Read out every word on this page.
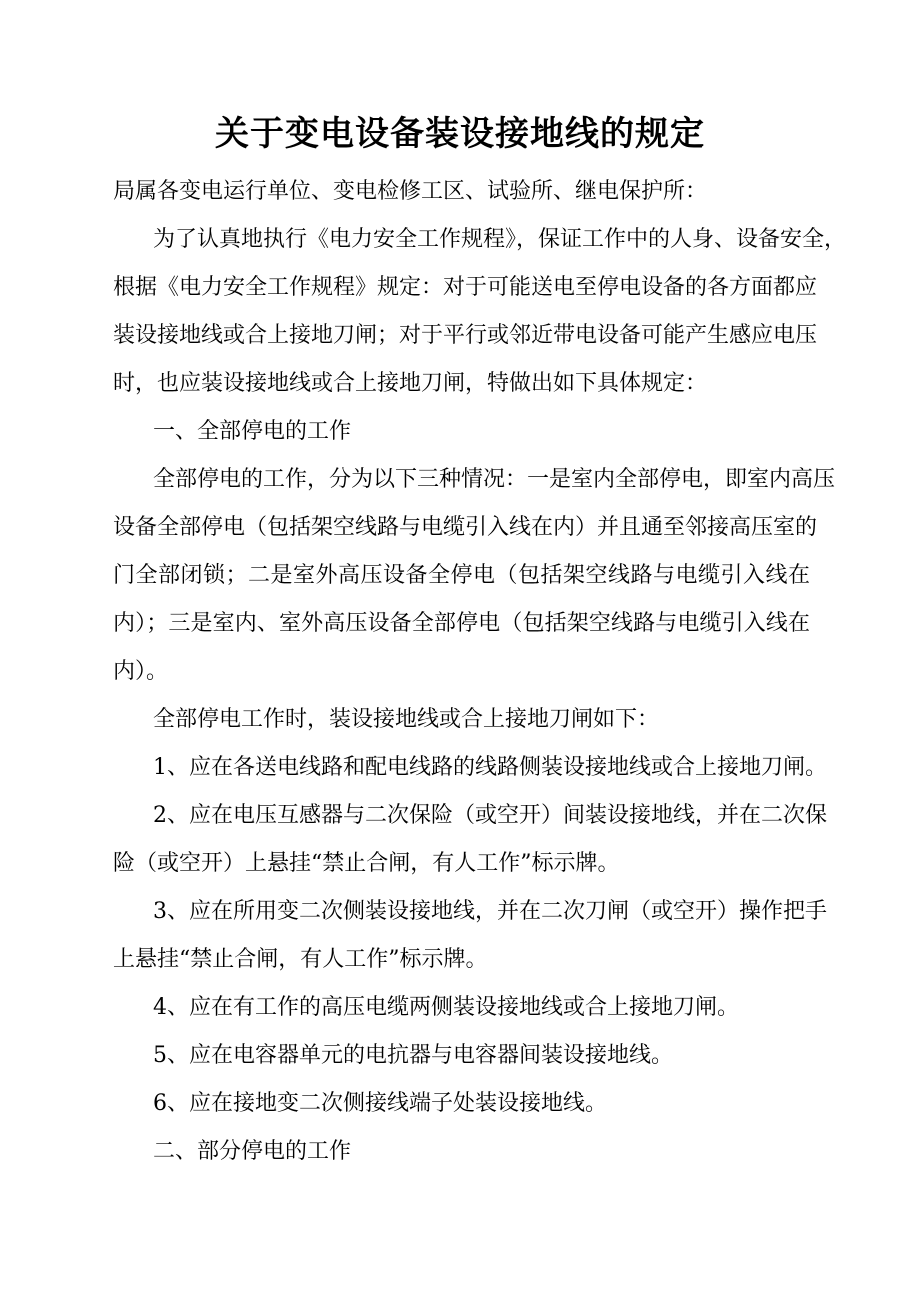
关于变电设备装设接地线的规定
局属各变电运行单位、变电检修工区、试验所、继电保护所：
为了认真地执行《电力安全工作规程》，保证工作中的人身、设备安全，
根据《电力安全工作规程》规定：对于可能送电至停电设备的各方面都应
装设接地线或合上接地刀闸；对于平行或邻近带电设备可能产生感应电压
时，也应装设接地线或合上接地刀闸，特做出如下具体规定：
一、全部停电的工作
全部停电的工作，分为以下三种情况：一是室内全部停电，即室内高压
设备全部停电（包括架空线路与电缆引入线在内）并且通至邻接高压室的
门全部闭锁；二是室外高压设备全停电（包括架空线路与电缆引入线在
内）；三是室内、室外高压设备全部停电（包括架空线路与电缆引入线在
内）。
全部停电工作时，装设接地线或合上接地刀闸如下：
1、应在各送电线路和配电线路的线路侧装设接地线或合上接地刀闸。
2、应在电压互感器与二次保险（或空开）间装设接地线，并在二次保
险（或空开）上悬挂“禁止合闸，有人工作”标示牌。
3、应在所用变二次侧装设接地线，并在二次刀闸（或空开）操作把手
上悬挂“禁止合闸，有人工作”标示牌。
4、应在有工作的高压电缆两侧装设接地线或合上接地刀闸。
5、应在电容器单元的电抗器与电容器间装设接地线。
6、应在接地变二次侧接线端子处装设接地线。
二、部分停电的工作
